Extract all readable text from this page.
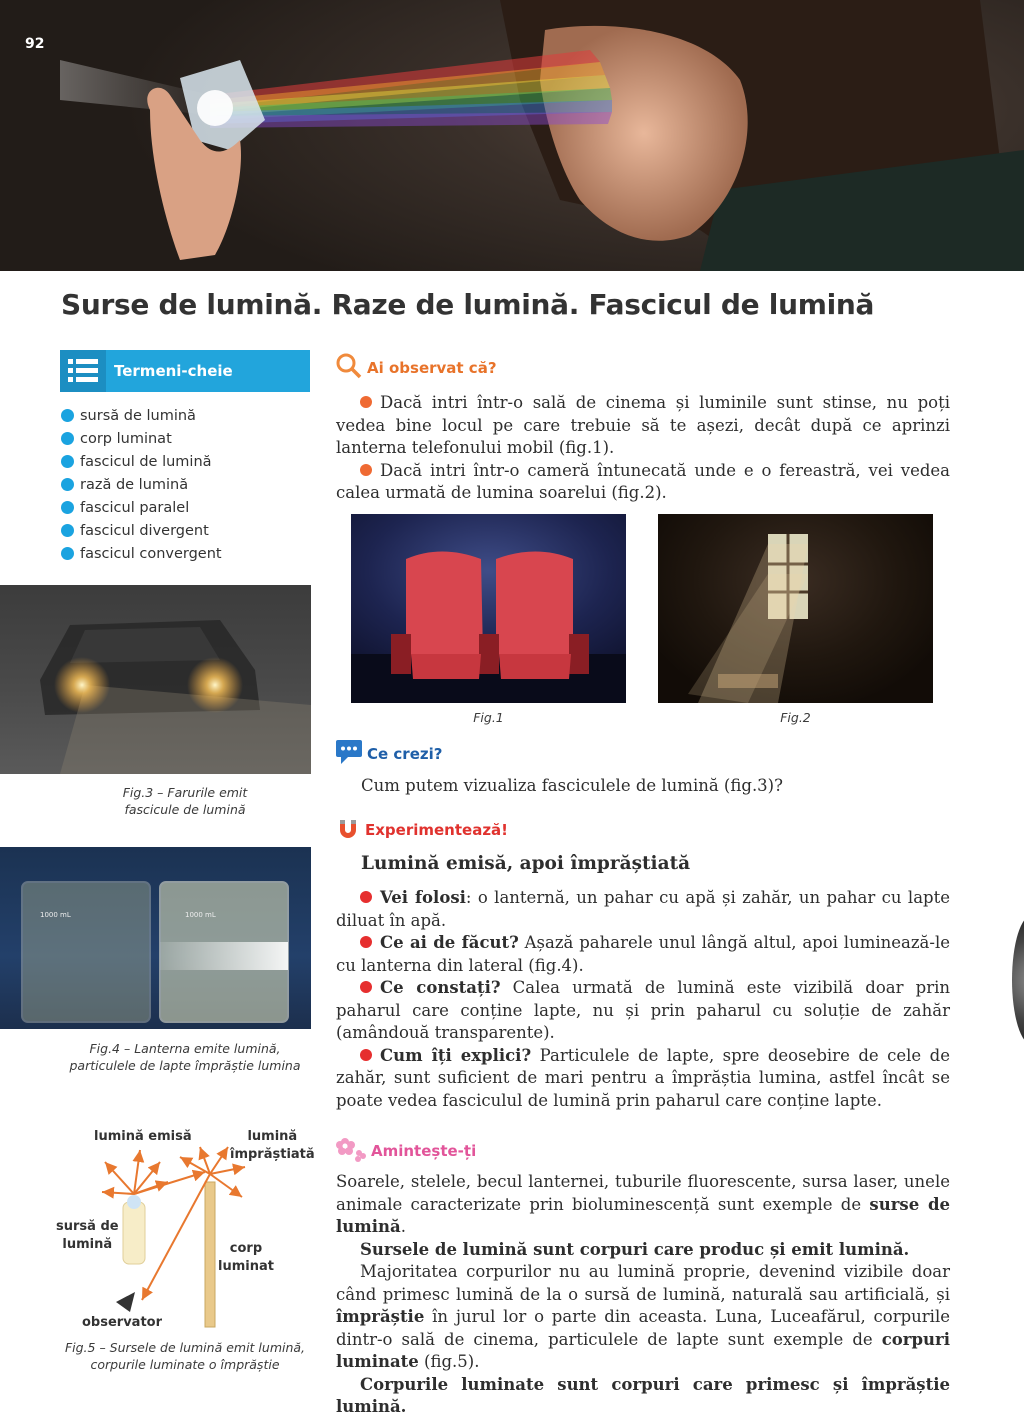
92
Surse de lumină. Raze de lumină. Fascicul de lumină
Termeni-cheie
sursă de lumină
corp luminat
fascicul de lumină
rază de lumină
fascicul paralel
fascicul divergent
fascicul convergent
Fig.3 – Farurile emit
fascicule de lumină
1000 mL	1000 mL
Fig.4 – Lanterna emite lumină,
particulele de lapte împrăștie lumina
lumină emisă	lumină
împrăștiată
sursă de
lumină	corp
luminat
observator
Fig.5 – Sursele de lumină emit lumină,
corpurile luminate o împrăștie
Ai observat că?

Dacă intri într-o sală de cinema și luminile sunt stinse, nu poți vedea bine locul pe care trebuie să te așezi, decât după ce aprinzi lanterna telefonului mobil (fig.1).

Dacă intri într-o cameră întunecată unde e o fereastră, vei vedea calea urmată de lumina soarelui (fig.2).

Fig.1	Fig.2
Ce crezi?
Cum putem vizualiza fasciculele de lumină (fig.3)?
Experimentează!
Lumină emisă, apoi împrăștiată

Vei folosi: o lanternă, un pahar cu apă și zahăr, un pahar cu lapte diluat în apă.

Ce ai de făcut? Așază paharele unul lângă altul, apoi luminează-le cu lanterna din lateral (fig.4).

Ce constați? Calea urmată de lumină este vizibilă doar prin paharul care conține lapte, nu și prin paharul cu soluție de zahăr (amândouă transparente).

Cum îți explici? Particulele de lapte, spre deosebire de cele de zahăr, sunt suficient de mari pentru a împrăștia lumina, astfel încât se poate vedea fasciculul de lumină prin paharul care conține lapte.

Amintește-ți

Soarele, stelele, becul lanternei, tuburile fluorescente, sursa laser, unele animale caracterizate prin bioluminescență sunt exemple de surse de lumină.

Sursele de lumină sunt corpuri care produc și emit lumină.

Majoritatea corpurilor nu au lumină proprie, devenind vizibile doar când primesc lumină de la o sursă de lumină, naturală sau artificială, și împrăștie în jurul lor o parte din aceasta. Luna, Luceafărul, corpurile dintr-o sală de cinema, particulele de lapte sunt exemple de corpuri luminate (fig.5).

Corpurile luminate sunt corpuri care primesc și împrăștie lumină.
